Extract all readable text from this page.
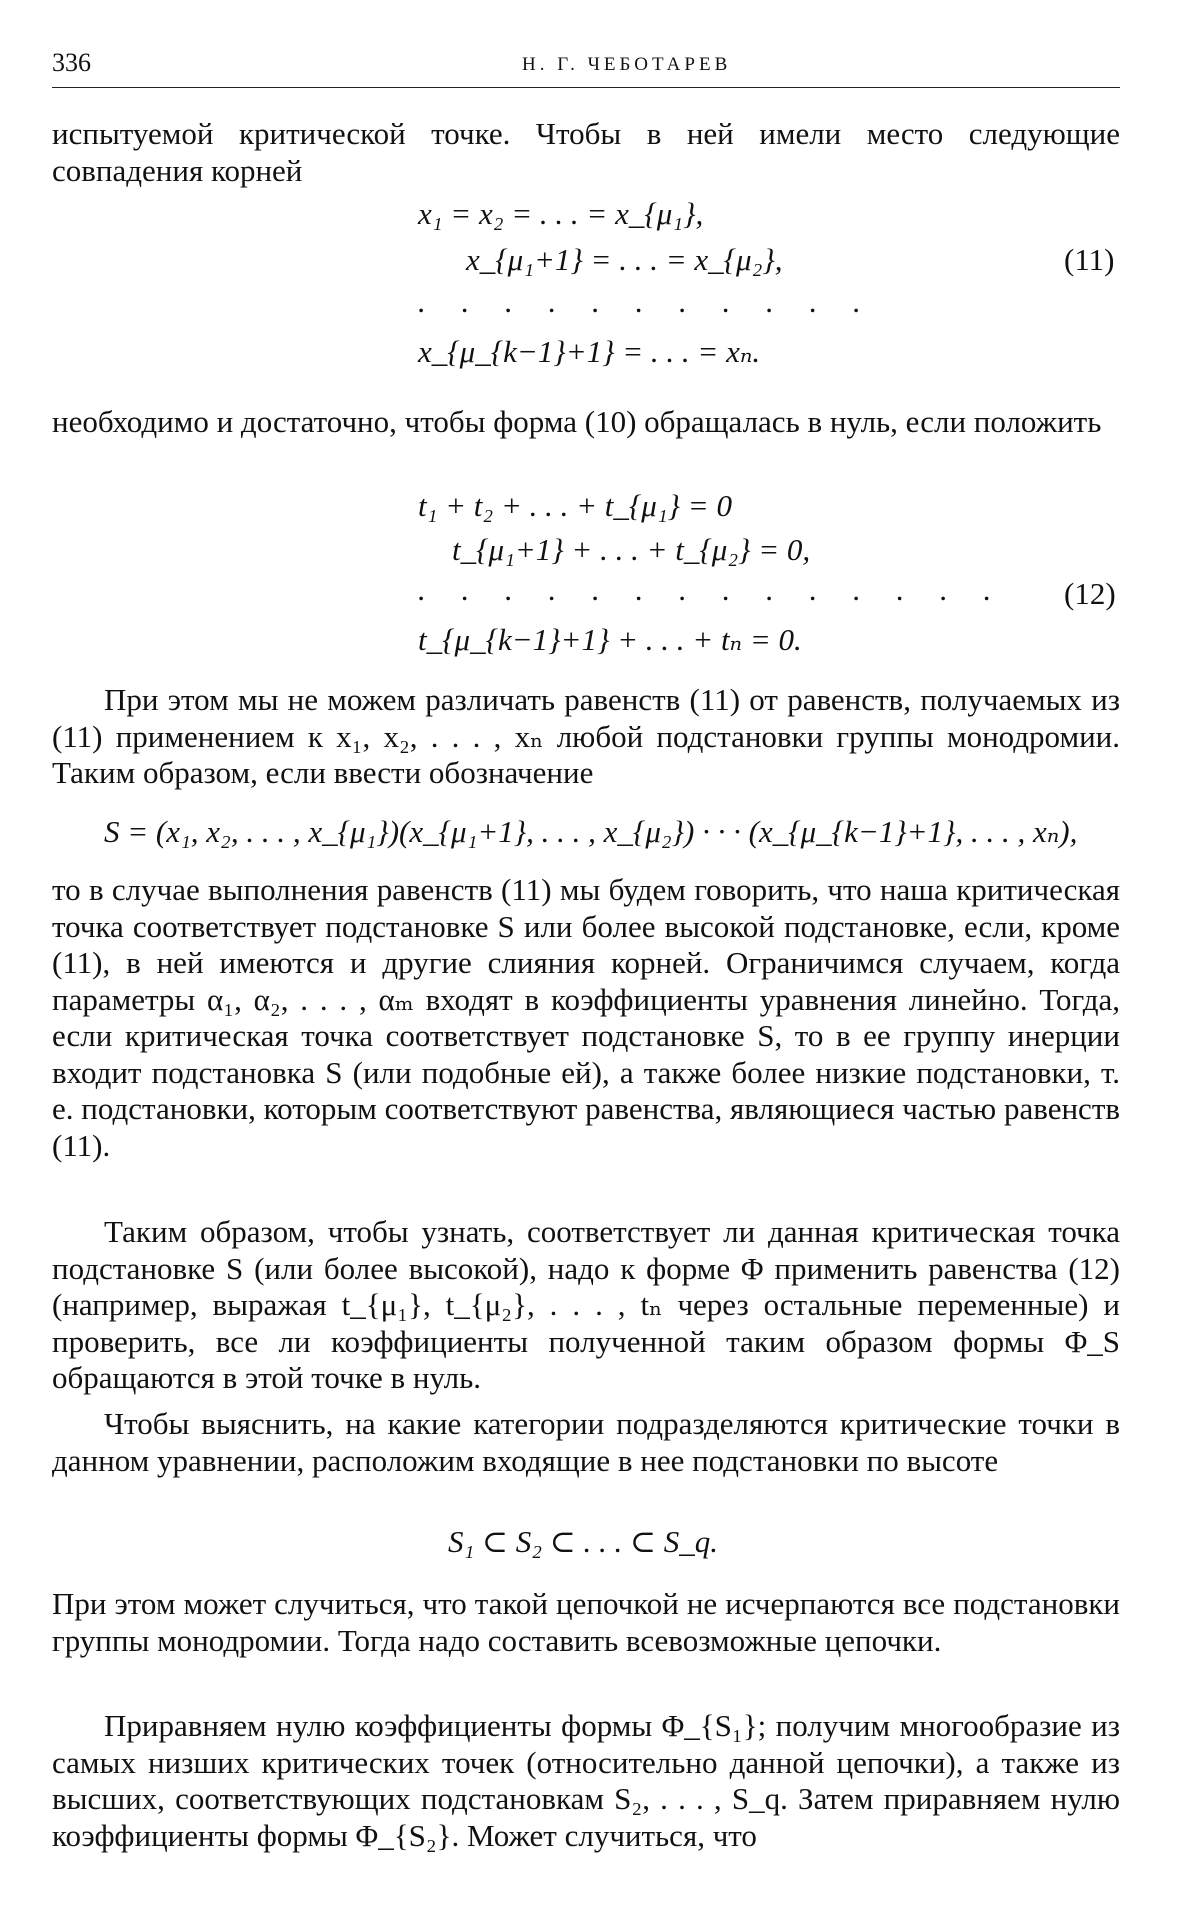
336	Н. Г. ЧЕБОТАРЕВ

испытуемой критической точке. Чтобы в ней имели место следующие совпадения корней

x₁ = x₂ = . . . = x_{μ₁},
x_{μ₁+1} = . . . = x_{μ₂},
. . . . . . . . . . .
x_{μ_{k−1}+1} = . . . = xₙ.
(11)

необходимо и достаточно, чтобы форма (10) обращалась в нуль, если положить

t₁ + t₂ + . . . + t_{μ₁} = 0
t_{μ₁+1} + . . . + t_{μ₂} = 0,
. . . . . . . . . . . . . .
t_{μ_{k−1}+1} + . . . + tₙ = 0.
(12)

При этом мы не можем различать равенств (11) от равенств, получаемых из (11) применением к x₁, x₂, . . . , xₙ любой подстановки группы монодромии. Таким образом, если ввести обозначение

S = (x₁, x₂, . . . , x_{μ₁})(x_{μ₁+1}, . . . , x_{μ₂}) · · · (x_{μ_{k−1}+1}, . . . , xₙ),

то в случае выполнения равенств (11) мы будем говорить, что наша критическая точка соответствует подстановке S или более высокой подстановке, если, кроме (11), в ней имеются и другие слияния корней. Ограничимся случаем, когда параметры α₁, α₂, . . . , αₘ входят в коэффициенты уравнения линейно. Тогда, если критическая точка соответствует подстановке S, то в ее группу инерции входит подстановка S (или подобные ей), а также более низкие подстановки, т. е. подстановки, которым соответствуют равенства, являющиеся частью равенств (11).

Таким образом, чтобы узнать, соответствует ли данная критическая точка подстановке S (или более высокой), надо к форме Φ применить равенства (12) (например, выражая t_{μ₁}, t_{μ₂}, . . . , tₙ через остальные переменные) и проверить, все ли коэффициенты полученной таким образом формы Φ_S обращаются в этой точке в нуль.

Чтобы выяснить, на какие категории подразделяются критические точки в данном уравнении, расположим входящие в нее подстановки по высоте

S₁ ⊂ S₂ ⊂ . . . ⊂ S_q.

При этом может случиться, что такой цепочкой не исчерпаются все подстановки группы монодромии. Тогда надо составить всевозможные цепочки.

Приравняем нулю коэффициенты формы Φ_{S₁}; получим многообразие из самых низших критических точек (относительно данной цепочки), а также из высших, соответствующих подстановкам S₂, . . . , S_q. Затем приравняем нулю коэффициенты формы Φ_{S₂}. Может случиться, что
